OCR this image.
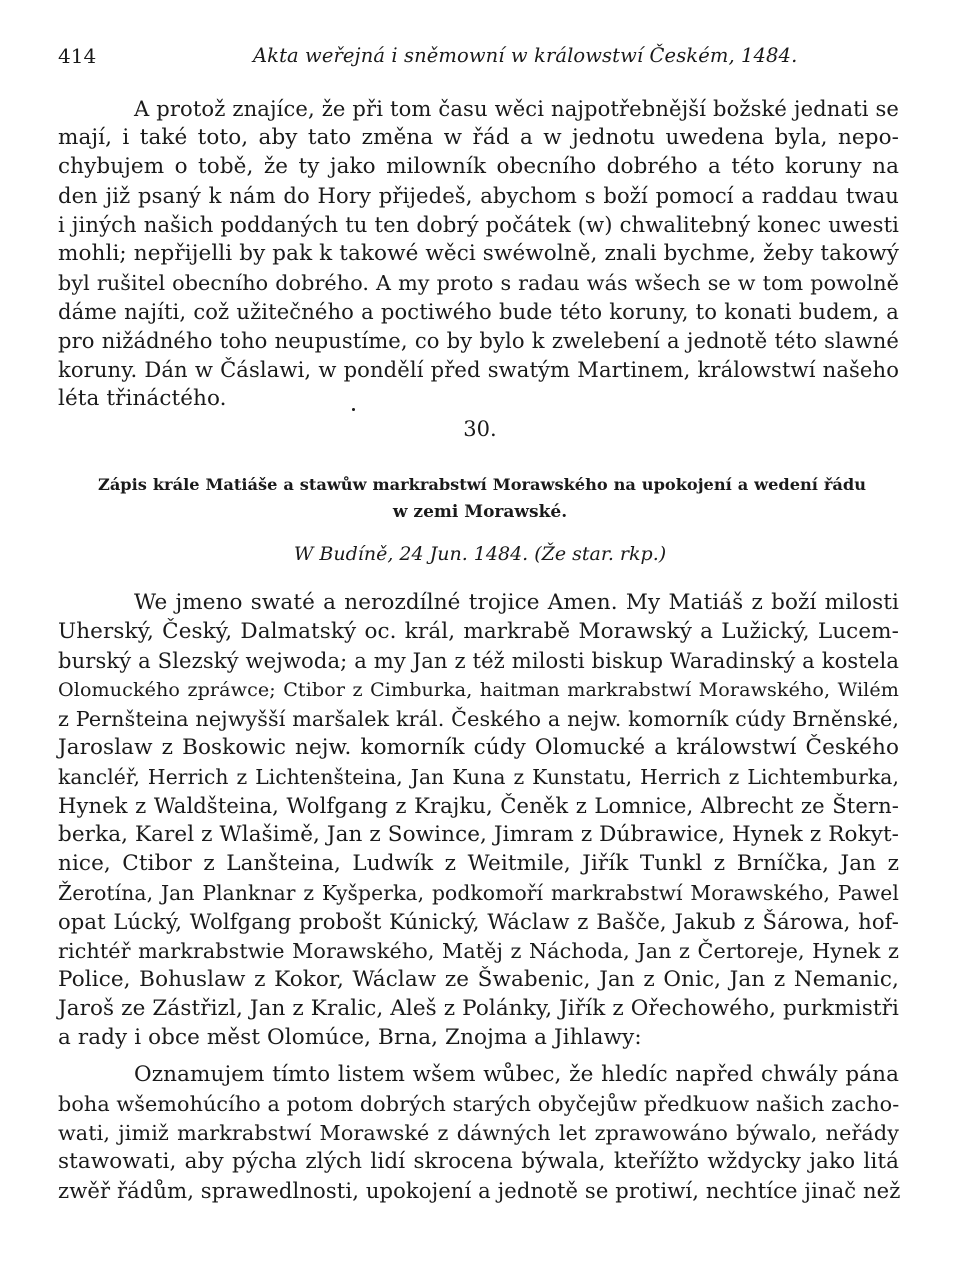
414	Akta weřejná i sněmowní w králowstwí Českém, 1484.
A protož znajíce, že při tom času wěci najpotřebnější božské jednati se
mají, i také toto, aby tato změna w řád a w jednotu uwedena byla, nepo-
chybujem o tobě, že ty jako milowník obecního dobrého a této koruny na
den již psaný k nám do Hory přijedeš, abychom s boží pomocí a raddau twau
i jiných našich poddaných tu ten dobrý počátek (w) chwalitebný konec uwesti
mohli; nepřijelli by pak k takowé wěci swéwolně, znali bychme, žeby takowý
byl rušitel obecního dobrého. A my proto s radau wás wšech se w tom powolně
dáme najíti, což užitečného a poctiwého bude této koruny, to konati budem, a
pro nižádného toho neupustíme, co by bylo k zwelebení a jednotě této slawné
koruny. Dán w Čáslawi, w pondělí před swatým Martinem, králowstwí našeho
léta třináctého.
30.
Zápis krále Matiáše a stawůw markrabstwí Morawského na upokojení a wedení řádu
w zemi Morawské.
W Budíně, 24 Jun. 1484. (Že star. rkp.)
We jmeno swaté a nerozdílné trojice Amen. My Matiáš z boží milosti
Uherský, Český, Dalmatský oc. král, markrabě Morawský a Lužický, Lucem-
burský a Slezský wejwoda; a my Jan z též milosti biskup Waradinský a kostela
Olomuckého zpráwce; Ctibor z Cimburka, haitman markrabstwí Morawského, Wilém
z Pernšteina nejwyšší maršalek král. Českého a nejw. komorník cúdy Brněnské,
Jaroslaw z Boskowic nejw. komorník cúdy Olomucké a králowstwí Českého
kancléř, Herrich z Lichtenšteina, Jan Kuna z Kunstatu, Herrich z Lichtemburka,
Hynek z Waldšteina, Wolfgang z Krajku, Čeněk z Lomnice, Albrecht ze Štern-
berka, Karel z Wlašimě, Jan z Sowince, Jimram z Dúbrawice, Hynek z Rokyt-
nice, Ctibor z Lanšteina, Ludwík z Weitmile, Jiřík Tunkl z Brníčka, Jan z
Žerotína, Jan Planknar z Kyšperka, podkomoří markrabstwí Morawského, Pawel
opat Lúcký, Wolfgang probošt Kúnický, Wáclaw z Bašče, Jakub z Šárowa, hof-
richtéř markrabstwie Morawského, Matěj z Náchoda, Jan z Čertoreje, Hynek z
Police, Bohuslaw z Kokor, Wáclaw ze Šwabenic, Jan z Onic, Jan z Nemanic,
Jaroš ze Zástřizl, Jan z Kralic, Aleš z Polánky, Jiřík z Ořechowého, purkmistři
a rady i obce měst Olomúce, Brna, Znojma a Jihlawy:
Oznamujem tímto listem wšem wůbec, že hledíc napřed chwály pána
boha wšemohúcího a potom dobrých starých obyčejůw předkuow našich zacho-
wati, jimiž markrabstwí Morawské z dáwných let zprawowáno býwalo, neřády
stawowati, aby pýcha zlých lidí skrocena býwala, kteřížto wždycky jako litá
zwěř řádům, sprawedlnosti, upokojení a jednotě se protiwí, nechtíce jinač než
